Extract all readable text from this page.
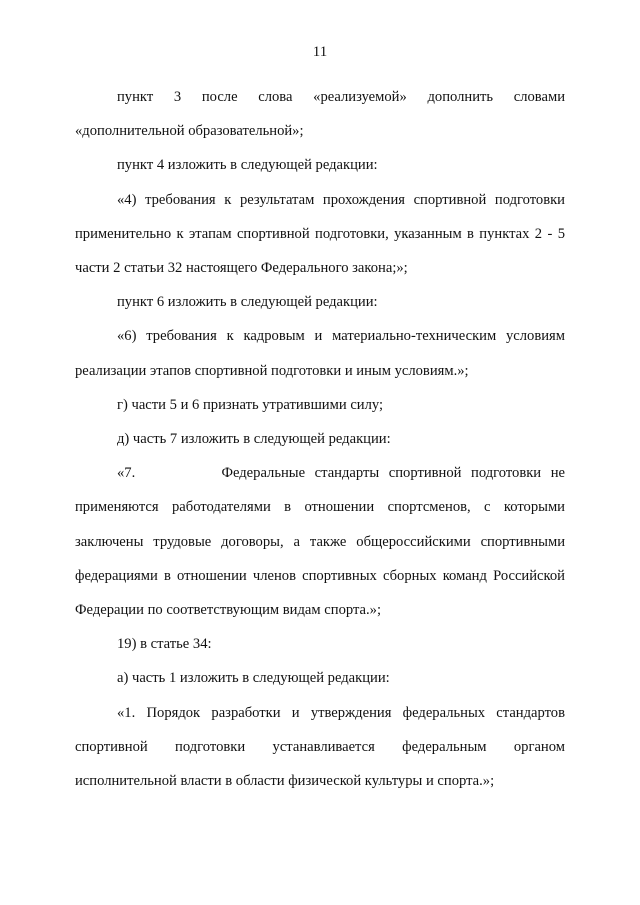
11

пункт 3 после слова «реализуемой» дополнить словами «дополнительной образовательной»;

пункт 4 изложить в следующей редакции:

«4) требования к результатам прохождения спортивной подготовки применительно к этапам спортивной подготовки, указанным в пунктах 2 - 5 части 2 статьи 32 настоящего Федерального закона;»;

пункт 6 изложить в следующей редакции:

«6) требования к кадровым и материально-техническим условиям реализации этапов спортивной подготовки и иным условиям.»;

г) части 5 и 6 признать утратившими силу;

д) часть 7 изложить в следующей редакции:

«7.	Федеральные стандарты спортивной подготовки не применяются работодателями в отношении спортсменов, с которыми заключены трудовые договоры, а также общероссийскими спортивными федерациями в отношении членов спортивных сборных команд Российской Федерации по соответствующим видам спорта.»;

19) в статье 34:

а) часть 1 изложить в следующей редакции:

«1. Порядок разработки и утверждения федеральных стандартов спортивной подготовки устанавливается федеральным органом исполнительной власти в области физической культуры и спорта.»;
